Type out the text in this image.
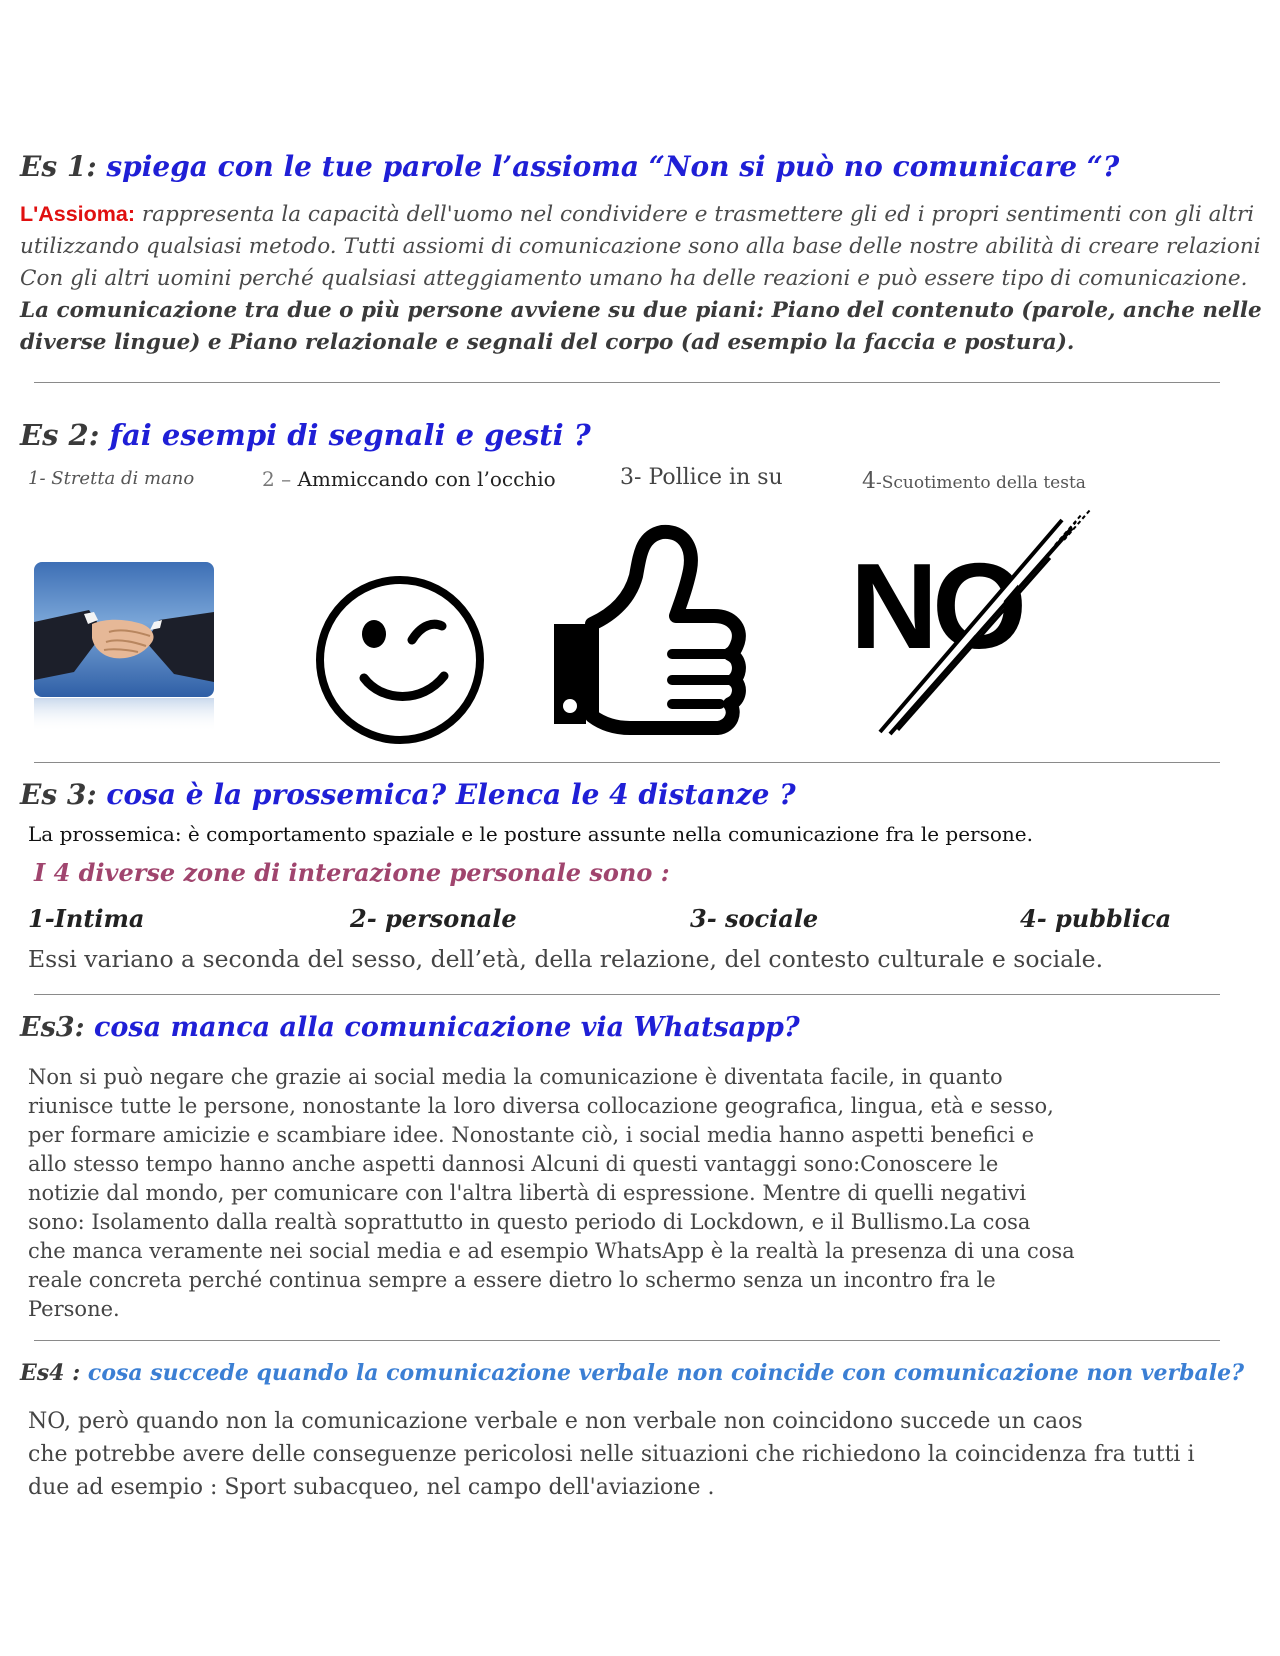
Es 1: spiega con le tue parole l’assioma “Non si può no comunicare “?
L'Assioma: rappresenta la capacità dell'uomo nel condividere e trasmettere gli ed i propri sentimenti con gli altri
utilizzando qualsiasi metodo. Tutti assiomi di comunicazione sono alla base delle nostre abilità di creare relazioni
Con gli altri uomini perché qualsiasi atteggiamento umano ha delle reazioni e può essere tipo di comunicazione.
La comunicazione tra due o più persone avviene su due piani: Piano del contenuto (parole, anche nelle
diverse lingue) e Piano relazionale e segnali del corpo (ad esempio la faccia e postura).
Es 2: fai esempi di segnali e gesti ?
1- Stretta di mano	2 – Ammiccando con l’occhio	3- Pollice in su	4-Scuotimento della testa
NO
Es 3: cosa è la prossemica? Elenca le 4 distanze ?
La prossemica: è comportamento spaziale e le posture assunte nella comunicazione fra le persone.
I 4 diverse zone di interazione personale sono :
1-Intima	2- personale	3- sociale	4- pubblica
Essi variano a seconda del sesso, dell’età, della relazione, del contesto culturale e sociale.
Es3: cosa manca alla comunicazione via Whatsapp?
Non si può negare che grazie ai social media la comunicazione è diventata facile, in quanto
riunisce tutte le persone, nonostante la loro diversa collocazione geografica, lingua, età e sesso,
per formare amicizie e scambiare idee. Nonostante ciò, i social media hanno aspetti benefici e
allo stesso tempo hanno anche aspetti dannosi Alcuni di questi vantaggi sono:Conoscere le
notizie dal mondo, per comunicare con l'altra libertà di espressione. Mentre di quelli negativi
sono: Isolamento dalla realtà soprattutto in questo periodo di Lockdown, e il Bullismo.La cosa
che manca veramente nei social media e ad esempio WhatsApp è la realtà la presenza di una cosa
reale concreta perché continua sempre a essere dietro lo schermo senza un incontro fra le
Persone.
Es4 : cosa succede quando la comunicazione verbale non coincide con comunicazione non verbale?
NO, però quando non la comunicazione verbale e non verbale non coincidono succede un caos
che potrebbe avere delle conseguenze pericolosi nelle situazioni che richiedono la coincidenza fra tutti i
due ad esempio : Sport subacqueo, nel campo dell'aviazione .
